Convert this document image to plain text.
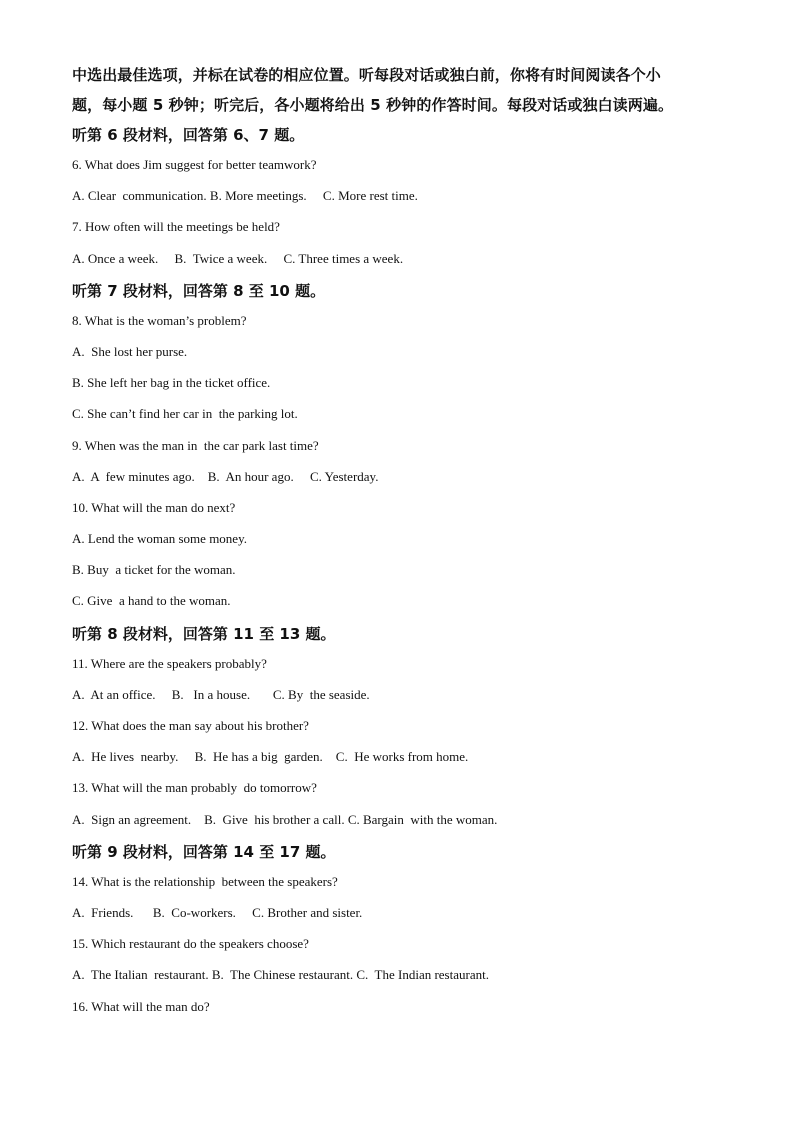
中选出最佳选项，并标在试卷的相应位置。听每段对话或独白前，你将有时间阅读各个小

题，每小题 5 秒钟；听完后，各小题将给出 5 秒钟的作答时间。每段对话或独白读两遍。

听第 6 段材料，回答第 6、7 题。

6. What does Jim suggest for better teamwork?

A. Clear  communication. B. More meetings.     C. More rest time.

7. How often will the meetings be held?

A. Once a week.     B.  Twice a week.     C. Three times a week.

听第 7 段材料，回答第 8 至 10 题。

8. What is the woman’s problem?

A.  She lost her purse.

B. She left her bag in the ticket office.

C. She can’t find her car in  the parking lot.

9. When was the man in  the car park last time?

A.  A  few minutes ago.    B.  An hour ago.     C. Yesterday.

10. What will the man do next?

A. Lend the woman some money.

B. Buy  a ticket for the woman.

C. Give  a hand to the woman.

听第 8 段材料，回答第 11 至 13 题。

11. Where are the speakers probably?

A.  At an office.     B.   In a house.       C. By  the seaside.

12. What does the man say about his brother?

A.  He lives  nearby.     B.  He has a big  garden.    C.  He works from home.

13. What will the man probably  do tomorrow?

A.  Sign an agreement.    B.  Give  his brother a call. C. Bargain  with the woman.

听第 9 段材料，回答第 14 至 17 题。

14. What is the relationship  between the speakers?

A.  Friends.      B.  Co-workers.     C. Brother and sister.

15. Which restaurant do the speakers choose?

A.  The Italian  restaurant. B.  The Chinese restaurant. C.  The Indian restaurant.

16. What will the man do?
